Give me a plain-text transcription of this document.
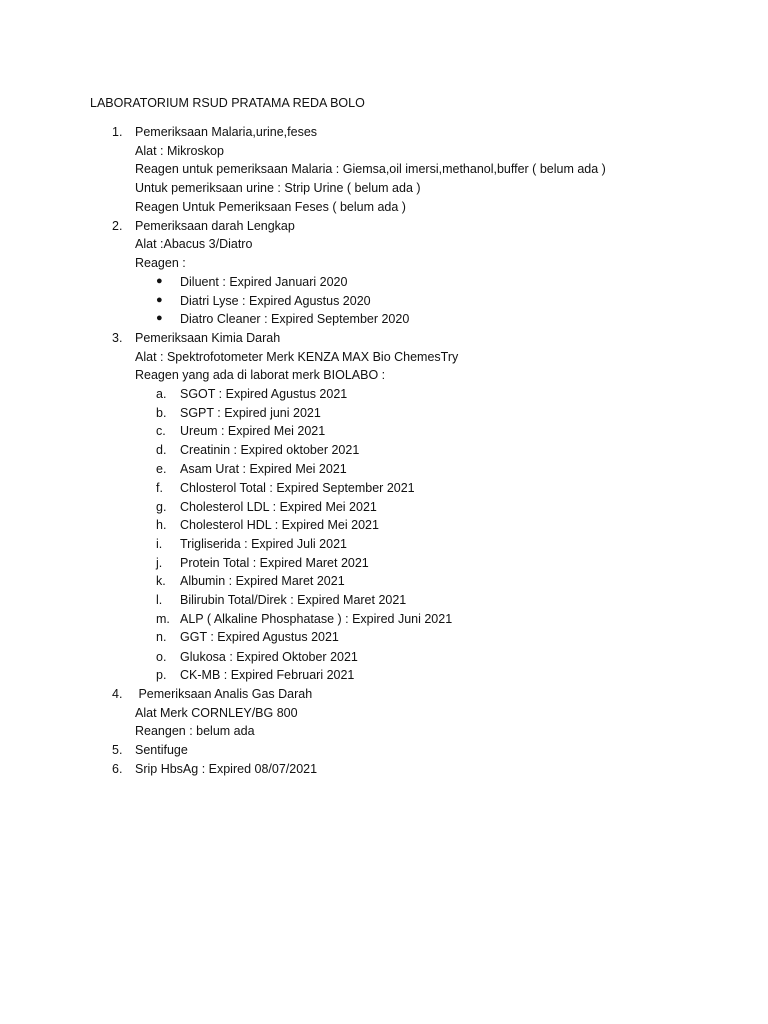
LABORATORIUM RSUD PRATAMA REDA BOLO
1. Pemeriksaan Malaria,urine,feses
Alat : Mikroskop
Reagen untuk pemeriksaan Malaria : Giemsa,oil imersi,methanol,buffer ( belum ada )
Untuk pemeriksaan urine : Strip Urine ( belum ada )
Reagen Untuk Pemeriksaan Feses ( belum ada )
2. Pemeriksaan darah Lengkap
Alat :Abacus 3/Diatro
Reagen :
● Diluent : Expired Januari 2020
● Diatri Lyse : Expired Agustus 2020
● Diatro Cleaner : Expired September 2020
3. Pemeriksaan Kimia Darah
Alat : Spektrofotometer Merk KENZA MAX Bio ChemesTry
Reagen yang ada di laborat merk BIOLABO :
a. SGOT : Expired Agustus 2021
b. SGPT : Expired juni 2021
c. Ureum : Expired Mei 2021
d. Creatinin : Expired oktober 2021
e. Asam Urat : Expired Mei 2021
f. Chlosterol Total : Expired September 2021
g. Cholesterol LDL : Expired Mei 2021
h. Cholesterol HDL : Expired Mei 2021
i. Trigliserida : Expired Juli 2021
j. Protein Total : Expired Maret 2021
k. Albumin : Expired Maret 2021
l. Bilirubin Total/Direk : Expired Maret 2021
m. ALP ( Alkaline Phosphatase ) : Expired Juni 2021
n. GGT : Expired Agustus 2021
o. Glukosa : Expired Oktober 2021
p. CK-MB : Expired Februari 2021
4. Pemeriksaan Analis Gas Darah
Alat Merk CORNLEY/BG 800
Reangen : belum ada
5. Sentifuge
6. Srip HbsAg : Expired 08/07/2021
